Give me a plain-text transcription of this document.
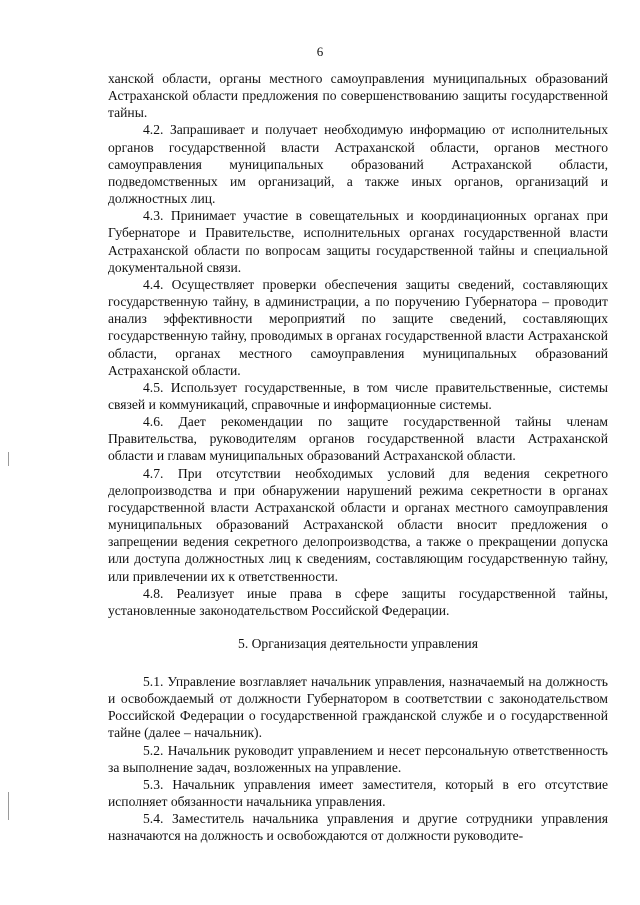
6

ханской области, органы местного самоуправления муниципальных образований Астраханской области предложения по совершенствованию защиты государственной тайны.

4.2. Запрашивает и получает необходимую информацию от исполнительных органов государственной власти Астраханской области, органов местного самоуправления муниципальных образований Астраханской области, подведомственных им организаций, а также иных органов, организаций и должностных лиц.

4.3. Принимает участие в совещательных и координационных органах при Губернаторе и Правительстве, исполнительных органах государственной власти Астраханской области по вопросам защиты государственной тайны и специальной документальной связи.

4.4. Осуществляет проверки обеспечения защиты сведений, составляющих государственную тайну, в администрации, а по поручению Губернатора – проводит анализ эффективности мероприятий по защите сведений, составляющих государственную тайну, проводимых в органах государственной власти Астраханской области, органах местного самоуправления муниципальных образований Астраханской области.

4.5. Использует государственные, в том числе правительственные, системы связей и коммуникаций, справочные и информационные системы.

4.6. Дает рекомендации по защите государственной тайны членам Правительства, руководителям органов государственной власти Астраханской области и главам муниципальных образований Астраханской области.

4.7. При отсутствии необходимых условий для ведения секретного делопроизводства и при обнаружении нарушений режима секретности в органах государственной власти Астраханской области и органах местного самоуправления муниципальных образований Астраханской области вносит предложения о запрещении ведения секретного делопроизводства, а также о прекращении допуска или доступа должностных лиц к сведениям, составляющим государственную тайну, или привлечении их к ответственности.

4.8. Реализует иные права в сфере защиты государственной тайны, установленные законодательством Российской Федерации.

5. Организация деятельности управления

5.1. Управление возглавляет начальник управления, назначаемый на должность и освобождаемый от должности Губернатором в соответствии с законодательством Российской Федерации о государственной гражданской службе и о государственной тайне (далее – начальник).

5.2. Начальник руководит управлением и несет персональную ответственность за выполнение задач, возложенных на управление.

5.3. Начальник управления имеет заместителя, который в его отсутствие исполняет обязанности начальника управления.

5.4. Заместитель начальника управления и другие сотрудники управления назначаются на должность и освобождаются от должности руководите-
